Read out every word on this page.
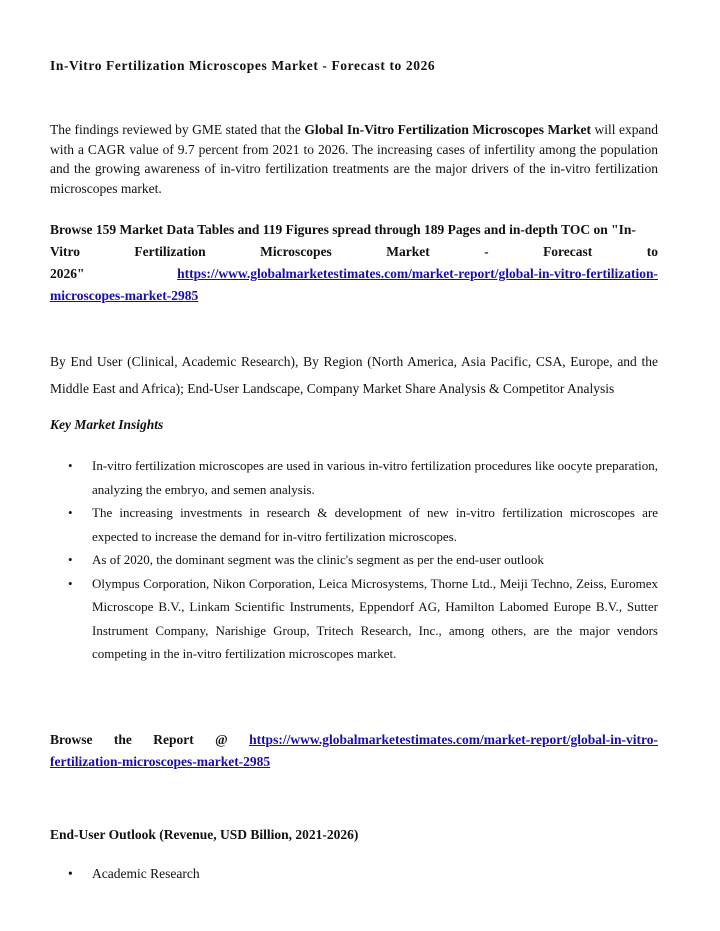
In-Vitro Fertilization Microscopes Market - Forecast to 2026
The findings reviewed by GME stated that the Global In-Vitro Fertilization Microscopes Market will expand with a CAGR value of 9.7 percent from 2021 to 2026. The increasing cases of infertility among the population and the growing awareness of in-vitro fertilization treatments are the major drivers of the in-vitro fertilization microscopes market.
Browse 159 Market Data Tables and 119 Figures spread through 189 Pages and in-depth TOC on "In-
Vitro	Fertilization	Microscopes	Market	-	Forecast	to
2026"	https://www.globalmarketestimates.com/market-report/global-in-vitro-fertilization-
microscopes-market-2985
By End User (Clinical, Academic Research), By Region (North America, Asia Pacific, CSA, Europe, and the Middle East and Africa); End-User Landscape, Company Market Share Analysis & Competitor Analysis
Key Market Insights
• In-vitro fertilization microscopes are used in various in-vitro fertilization procedures like oocyte preparation, analyzing the embryo, and semen analysis.
• The increasing investments in research & development of new in-vitro fertilization microscopes are expected to increase the demand for in-vitro fertilization microscopes.
• As of 2020, the dominant segment was the clinic's segment as per the end-user outlook
• Olympus Corporation, Nikon Corporation, Leica Microsystems, Thorne Ltd., Meiji Techno, Zeiss, Euromex Microscope B.V., Linkam Scientific Instruments, Eppendorf AG, Hamilton Labomed Europe B.V., Sutter Instrument Company, Narishige Group, Tritech Research, Inc., among others, are the major vendors competing in the in-vitro fertilization microscopes market.
Browse the Report @ https://www.globalmarketestimates.com/market-report/global-in-vitro-
fertilization-microscopes-market-2985
End-User Outlook (Revenue, USD Billion, 2021-2026)
• Academic Research
